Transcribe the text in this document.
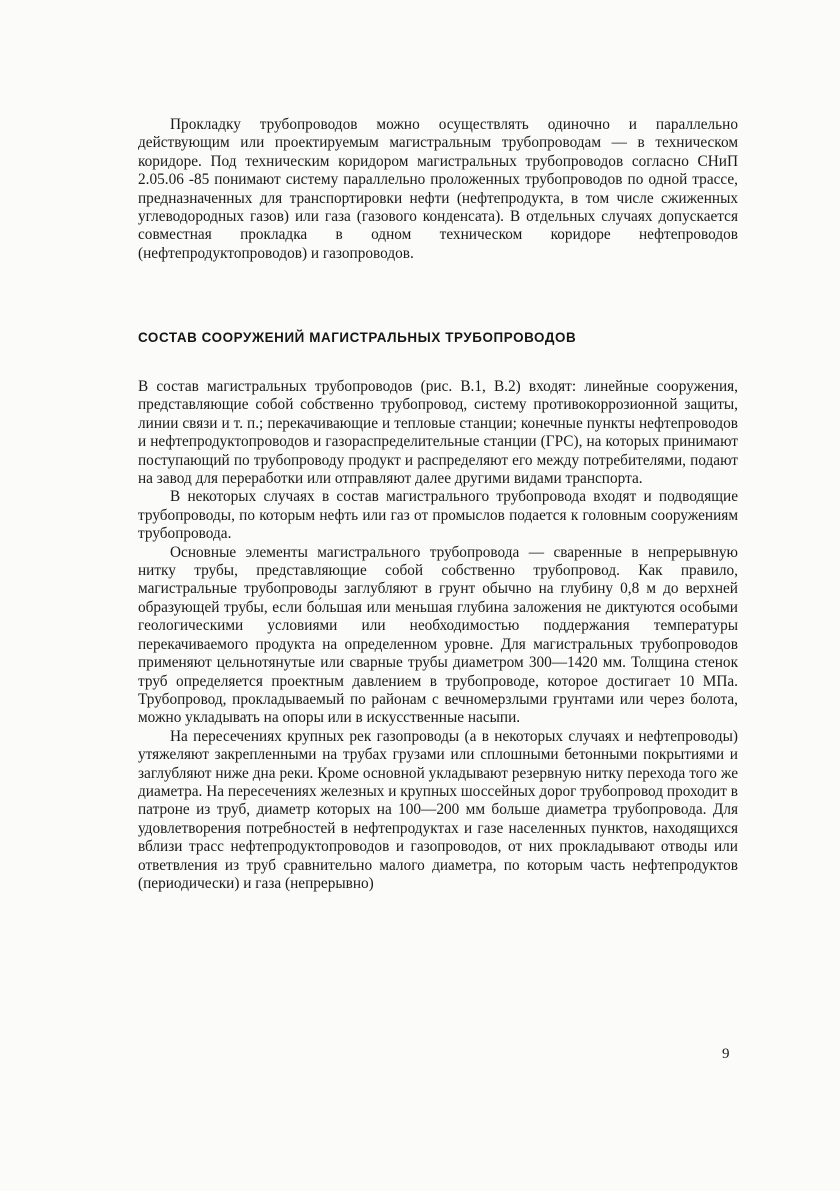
Прокладку трубопроводов можно осуществлять одиночно и параллельно действующим или проектируемым магистральным трубопроводам — в техническом коридоре. Под техническим коридором магистральных трубопроводов согласно СНиП 2.05.06 -85 понимают систему параллельно проложенных трубопроводов по одной трассе, предназначенных для транспортировки нефти (нефтепродукта, в том числе сжиженных углеводородных газов) или газа (газового конденсата). В отдельных случаях допускается совместная прокладка в одном техническом коридоре нефтепроводов (нефтепродуктопроводов) и газопроводов.

СОСТАВ СООРУЖЕНИЙ МАГИСТРАЛЬНЫХ ТРУБОПРОВОДОВ

В состав магистральных трубопроводов (рис. В.1, В.2) входят: линейные сооружения, представляющие собой собственно трубопровод, систему противокоррозионной защиты, линии связи и т. п.; перекачивающие и тепловые станции; конечные пункты нефтепроводов и нефтепродуктопроводов и газораспределительные станции (ГРС), на которых принимают поступающий по трубопроводу продукт и распределяют его между потребителями, подают на завод для переработки или отправляют далее другими видами транспорта.

В некоторых случаях в состав магистрального трубопровода входят и подводящие трубопроводы, по которым нефть или газ от промыслов подается к головным сооружениям трубопровода.

Основные элементы магистрального трубопровода — сваренные в непрерывную нитку трубы, представляющие собой собственно трубопровод. Как правило, магистральные трубопроводы заглубляют в грунт обычно на глубину 0,8 м до верхней образующей трубы, если бо́льшая или меньшая глубина заложения не диктуются особыми геологическими условиями или необходимостью поддержания температуры перекачиваемого продукта на определенном уровне. Для магистральных трубопроводов применяют цельнотянутые или сварные трубы диаметром 300—1420 мм. Толщина стенок труб определяется проектным давлением в трубопроводе, которое достигает 10 МПа. Трубопровод, прокладываемый по районам с вечномерзлыми грунтами или через болота, можно укладывать на опоры или в искусственные насыпи.

На пересечениях крупных рек газопроводы (а в некоторых случаях и нефтепроводы) утяжеляют закрепленными на трубах грузами или сплошными бетонными покрытиями и заглубляют ниже дна реки. Кроме основной укладывают резервную нитку перехода того же диаметра. На пересечениях железных и крупных шоссейных дорог трубопровод проходит в патроне из труб, диаметр которых на 100—200 мм больше диаметра трубопровода. Для удовлетворения потребностей в нефтепродуктах и газе населенных пунктов, находящихся вблизи трасс нефтепродуктопроводов и газопроводов, от них прокладывают отводы или ответвления из труб сравнительно малого диаметра, по которым часть нефтепродуктов (периодически) и газа (непрерывно)

9
